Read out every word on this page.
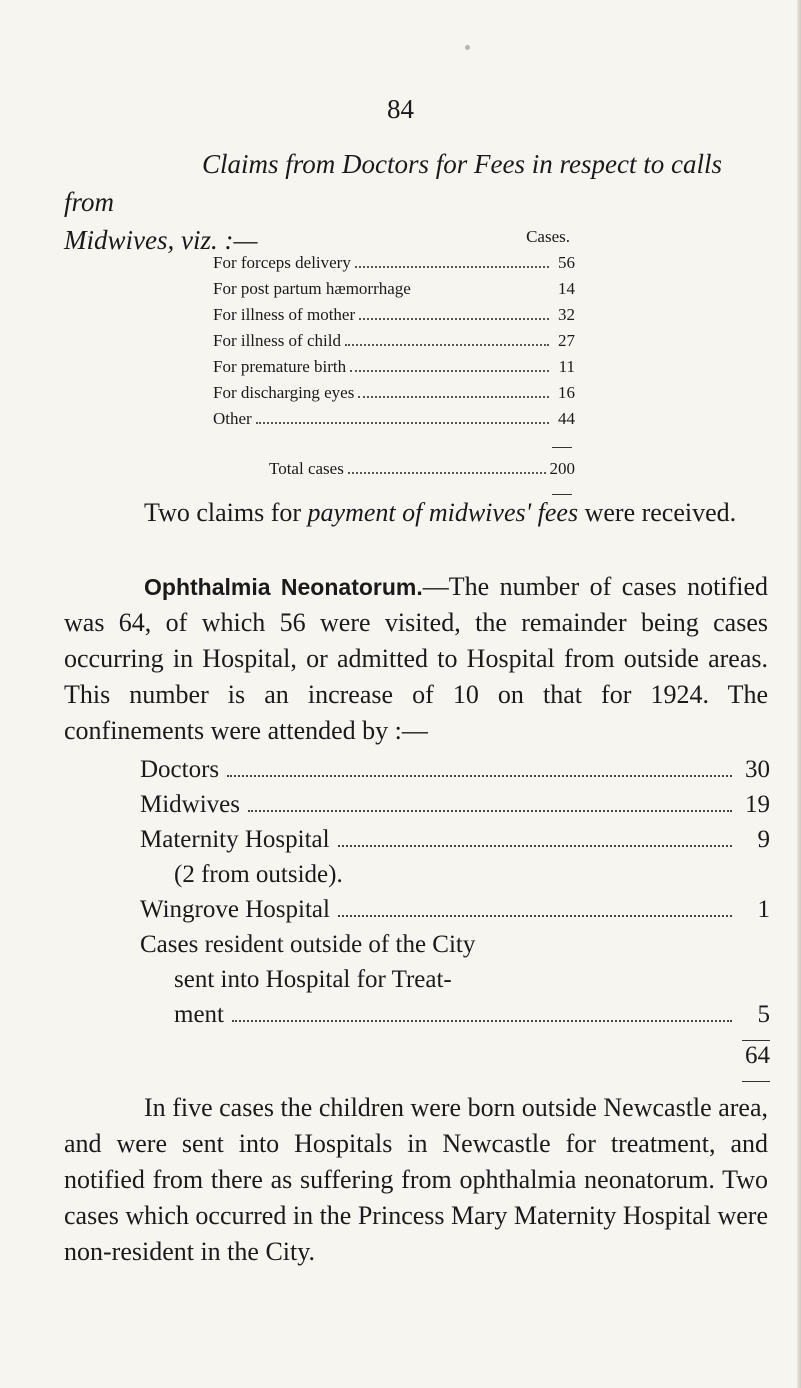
84
Claims from Doctors for Fees in respect to calls from
Midwives, viz. :—	Cases.
For forceps delivery	56
For post partum hæmorrhage	14
For illness of mother	32
For illness of child	27
For premature birth	11
For discharging eyes	16
Other	44
Total cases	200
Two claims for payment of midwives' fees were received.
Ophthalmia Neonatorum.—The number of cases notified was 64, of which 56 were visited, the remainder being cases occurring in Hospital, or admitted to Hospital from outside areas. This number is an increase of 10 on that for 1924. The confinements were attended by :—
Doctors	30
Midwives	19
Maternity Hospital	9
(2 from outside).
Wingrove Hospital	1
Cases resident outside of the City
sent into Hospital for Treat-
ment	5
64
In five cases the children were born outside Newcastle area, and were sent into Hospitals in Newcastle for treatment, and notified from there as suffering from ophthalmia neonatorum. Two cases which occurred in the Princess Mary Maternity Hospital were non-resident in the City.
